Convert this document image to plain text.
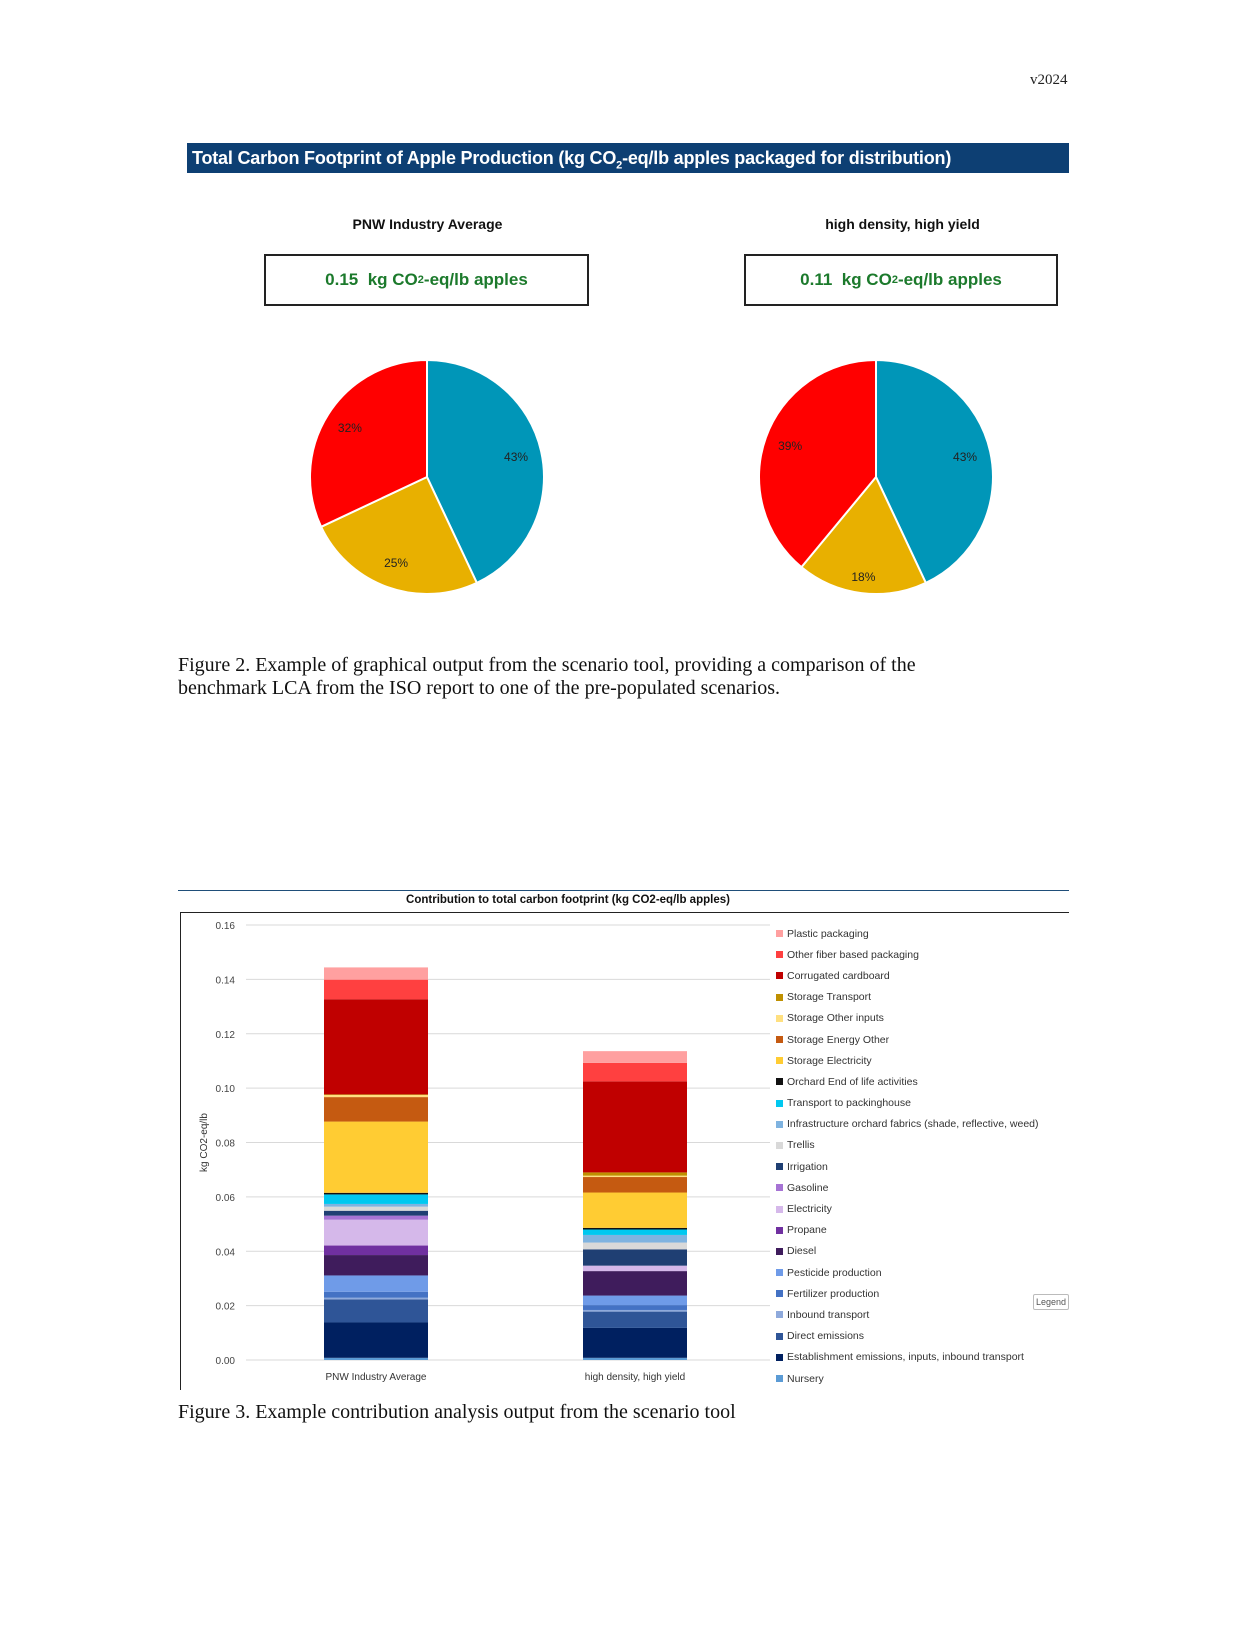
v2024
Total Carbon Footprint of Apple Production (kg $CO_2-eq/lb$ apples packaged for distribution)
PNW Industry Average	high density, high yield
0.15  kg CO 2 -eq/lb apples	0.11  kg CO 2 -eq/lb apples
43%
25%
32%
43%
18%
39%
Figure 2. Example of graphical output from the scenario tool, providing a comparison of the
benchmark LCA from the ISO report to one of the pre-populated scenarios.
Contribution to total carbon footprint (kg CO2-eq/lb apples)
0.00
0.02
0.04
0.06
0.08
0.10
0.12
0.14
0.16
kg CO2-eq/lb
PNW Industry Average	high density, high yield
Plastic packaging
Other fiber based packaging
Corrugated cardboard
Storage Transport
Storage Other inputs
Storage Energy Other
Storage Electricity
Orchard End of life activities
Transport to packinghouse
Infrastructure orchard fabrics (shade, reflective, weed)
Trellis
Irrigation
Gasoline
Electricity
Propane
Diesel
Pesticide production
Fertilizer production
Inbound transport
Direct emissions
Establishment emissions, inputs, inbound transport
Nursery
Legend
Figure 3. Example contribution analysis output from the scenario tool
